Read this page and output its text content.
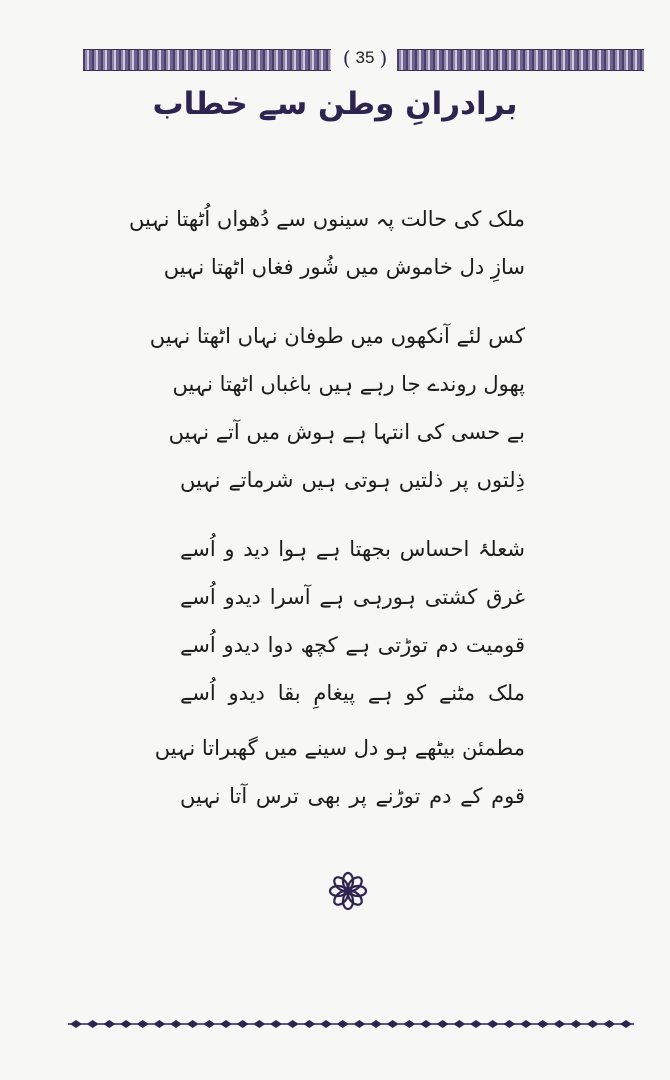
( 35 )
برادرانِ وطن سے خطاب
ملک کی حالت پہ سینوں سے دُھواں اُٹھتا نہیں
سازِ دل خاموش میں شُور فغاں اٹھتا نہیں
کس لئے آنکھوں میں طوفان نہاں اٹھتا نہیں
پھول روندے جا رہے ہیں باغباں اٹھتا نہیں
بے حسی کی انتہا ہے ہوش میں آتے نہیں
ذِلتوں پر ذلتیں ہوتی ہیں شرماتے نہیں
شعلۂ احساس بجھتا ہے ہوا دید و اُسے
غرق کشتی ہورہی ہے آسرا دیدو اُسے
قومیت دم توڑتی ہے کچھ دوا دیدو اُسے
ملک مٹنے کو ہے پیغامِ بقا دیدو اُسے
مطمئن بیٹھے ہو دل سینے میں گھبراتا نہیں
قوم کے دم توڑنے پر بھی ترس آتا نہیں
